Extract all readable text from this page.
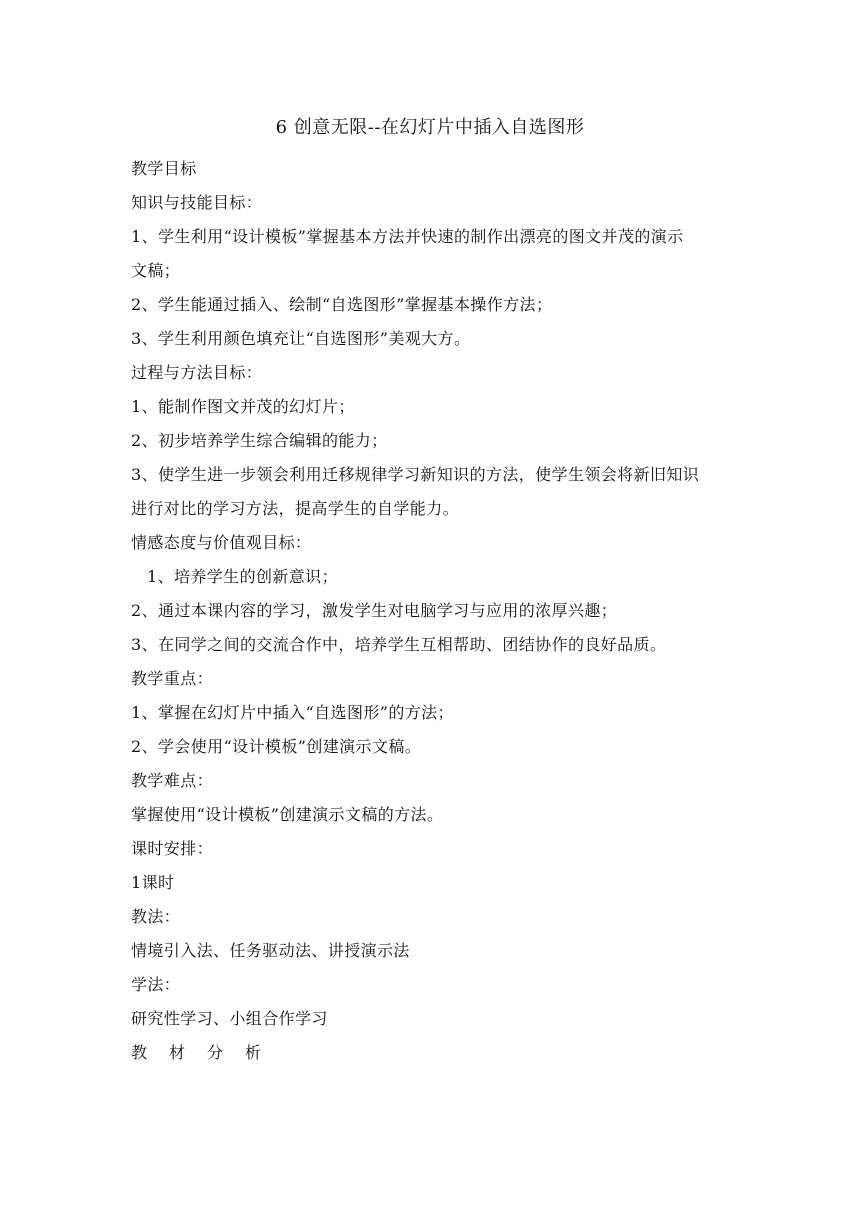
6 创意无限--在幻灯片中插入自选图形
教学目标
知识与技能目标：
1、学生利用“设计模板”掌握基本方法并快速的制作出漂亮的图文并茂的演示
文稿；
2、学生能通过插入、绘制“自选图形”掌握基本操作方法；
3、学生利用颜色填充让“自选图形”美观大方。
过程与方法目标：
1、能制作图文并茂的幻灯片；
2、初步培养学生综合编辑的能力；
3、使学生进一步领会利用迁移规律学习新知识的方法，使学生领会将新旧知识
进行对比的学习方法，提高学生的自学能力。
情感态度与价值观目标：
1、培养学生的创新意识；
2、通过本课内容的学习，激发学生对电脑学习与应用的浓厚兴趣；
3、在同学之间的交流合作中，培养学生互相帮助、团结协作的良好品质。
教学重点：
1、掌握在幻灯片中插入“自选图形”的方法；
2、学会使用“设计模板”创建演示文稿。
教学难点：
掌握使用“设计模板”创建演示文稿的方法。
课时安排：
1课时
教法：
情境引入法、任务驱动法、讲授演示法
学法：
研究性学习、小组合作学习
教材分析
